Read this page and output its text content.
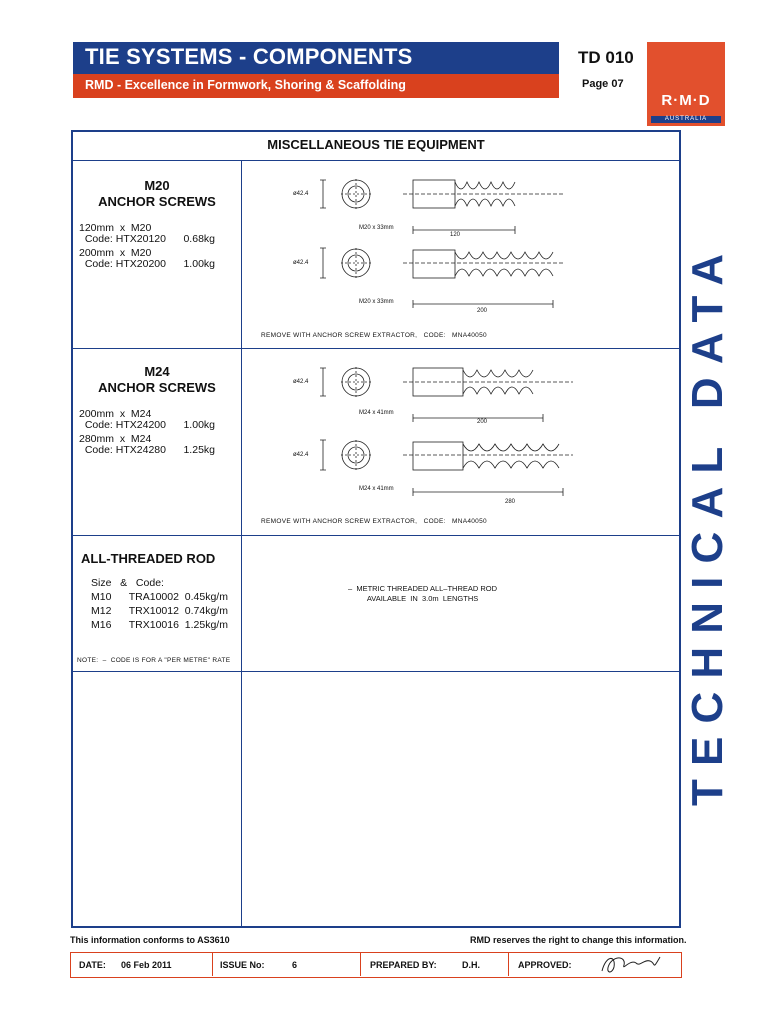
TIE SYSTEMS - COMPONENTS
RMD - Excellence in Formwork, Shoring & Scaffolding
TD 010
Page 07
R·M·D
AUSTRALIA
TECHNICAL DATA
MISCELLANEOUS TIE EQUIPMENT
M20
ANCHOR SCREWS
120mm  x  M20
Code: HTX20120      0.68kg
200mm  x  M20
Code: HTX20200      1.00kg
ø42.4
M20 x 33mm
120
ø42.4
M20 x 33mm
200
REMOVE WITH ANCHOR SCREW EXTRACTOR,   CODE:   MNA40050
M24
ANCHOR SCREWS
200mm  x  M24
Code: HTX24200      1.00kg
280mm  x  M24
Code: HTX24280      1.25kg
ø42.4
M24 x 41mm
200
ø42.4
M24 x 41mm
280
REMOVE WITH ANCHOR SCREW EXTRACTOR,   CODE:   MNA40050
ALL-THREADED ROD
Size   &   Code:
M10      TRA10002  0.45kg/m
M12      TRX10012  0.74kg/m
M16      TRX10016  1.25kg/m
NOTE:  –  CODE IS FOR A "PER METRE" RATE
–  METRIC THREADED ALL–THREAD ROD
AVAILABLE  IN  3.0m  LENGTHS
This information conforms to AS3610	RMD reserves the right to change this information.
DATE: 06 Feb 2011	ISSUE No:	6	PREPARED BY:	D.H.	APPROVED:
